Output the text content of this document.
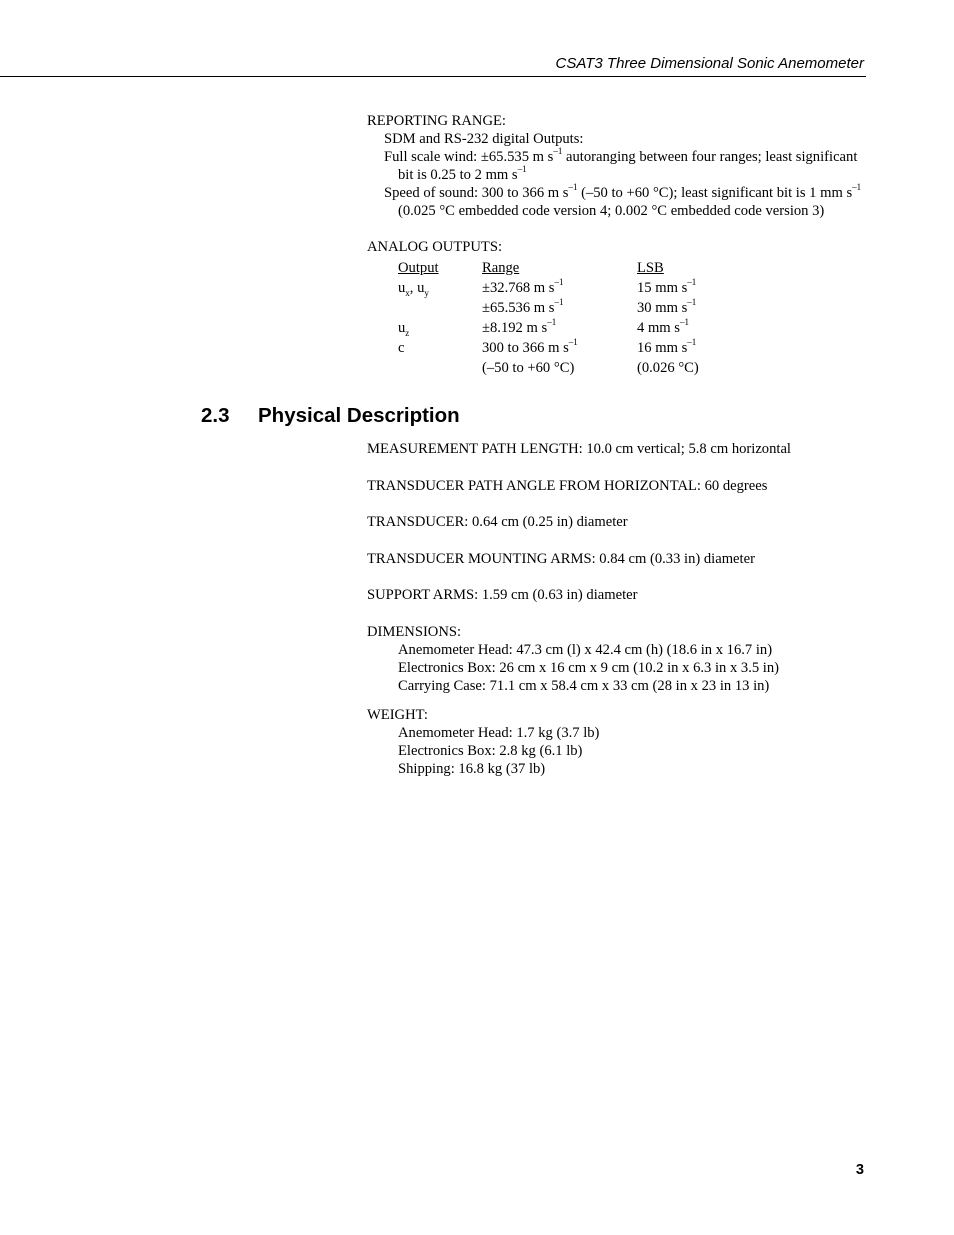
CSAT3 Three Dimensional Sonic Anemometer

REPORTING RANGE:

SDM and RS-232 digital Outputs:

Full scale wind: ±65.535 m $s^{-1}$ autoranging between four ranges; least significant bit is 0.25 to 2 mm $s^{-1}$

Speed of sound: 300 to 366 m $s^{-1}$ (–50 to +60 °C); least significant bit is 1 mm $s^{-1}$ (0.025 °C embedded code version 4; 0.002 °C embedded code version 3)

ANALOG OUTPUTS:

Output	Range	LSB
$u_x$, $u_y$	±32.768 m $s^{-1}$	15 mm $s^{-1}$
	±65.536 m $s^{-1}$	30 mm $s^{-1}$
$u_z$	±8.192 m $s^{-1}$	4 mm $s^{-1}$
c	300 to 366 m $s^{-1}$	16 mm $s^{-1}$
	(–50 to +60 °C)	(0.026 °C)
2.3 Physical Description

MEASUREMENT PATH LENGTH: 10.0 cm vertical; 5.8 cm horizontal

TRANSDUCER PATH ANGLE FROM HORIZONTAL: 60 degrees

TRANSDUCER: 0.64 cm (0.25 in) diameter

TRANSDUCER MOUNTING ARMS: 0.84 cm (0.33 in) diameter

SUPPORT ARMS: 1.59 cm (0.63 in) diameter

DIMENSIONS:

Anemometer Head: 47.3 cm (l) x 42.4 cm (h) (18.6 in x 16.7 in)

Electronics Box: 26 cm x 16 cm x 9 cm (10.2 in x 6.3 in x 3.5 in)

Carrying Case: 71.1 cm x 58.4 cm x 33 cm (28 in x 23 in 13 in)

WEIGHT:

Anemometer Head: 1.7 kg (3.7 lb)

Electronics Box: 2.8 kg (6.1 lb)

Shipping: 16.8 kg (37 lb)

3
